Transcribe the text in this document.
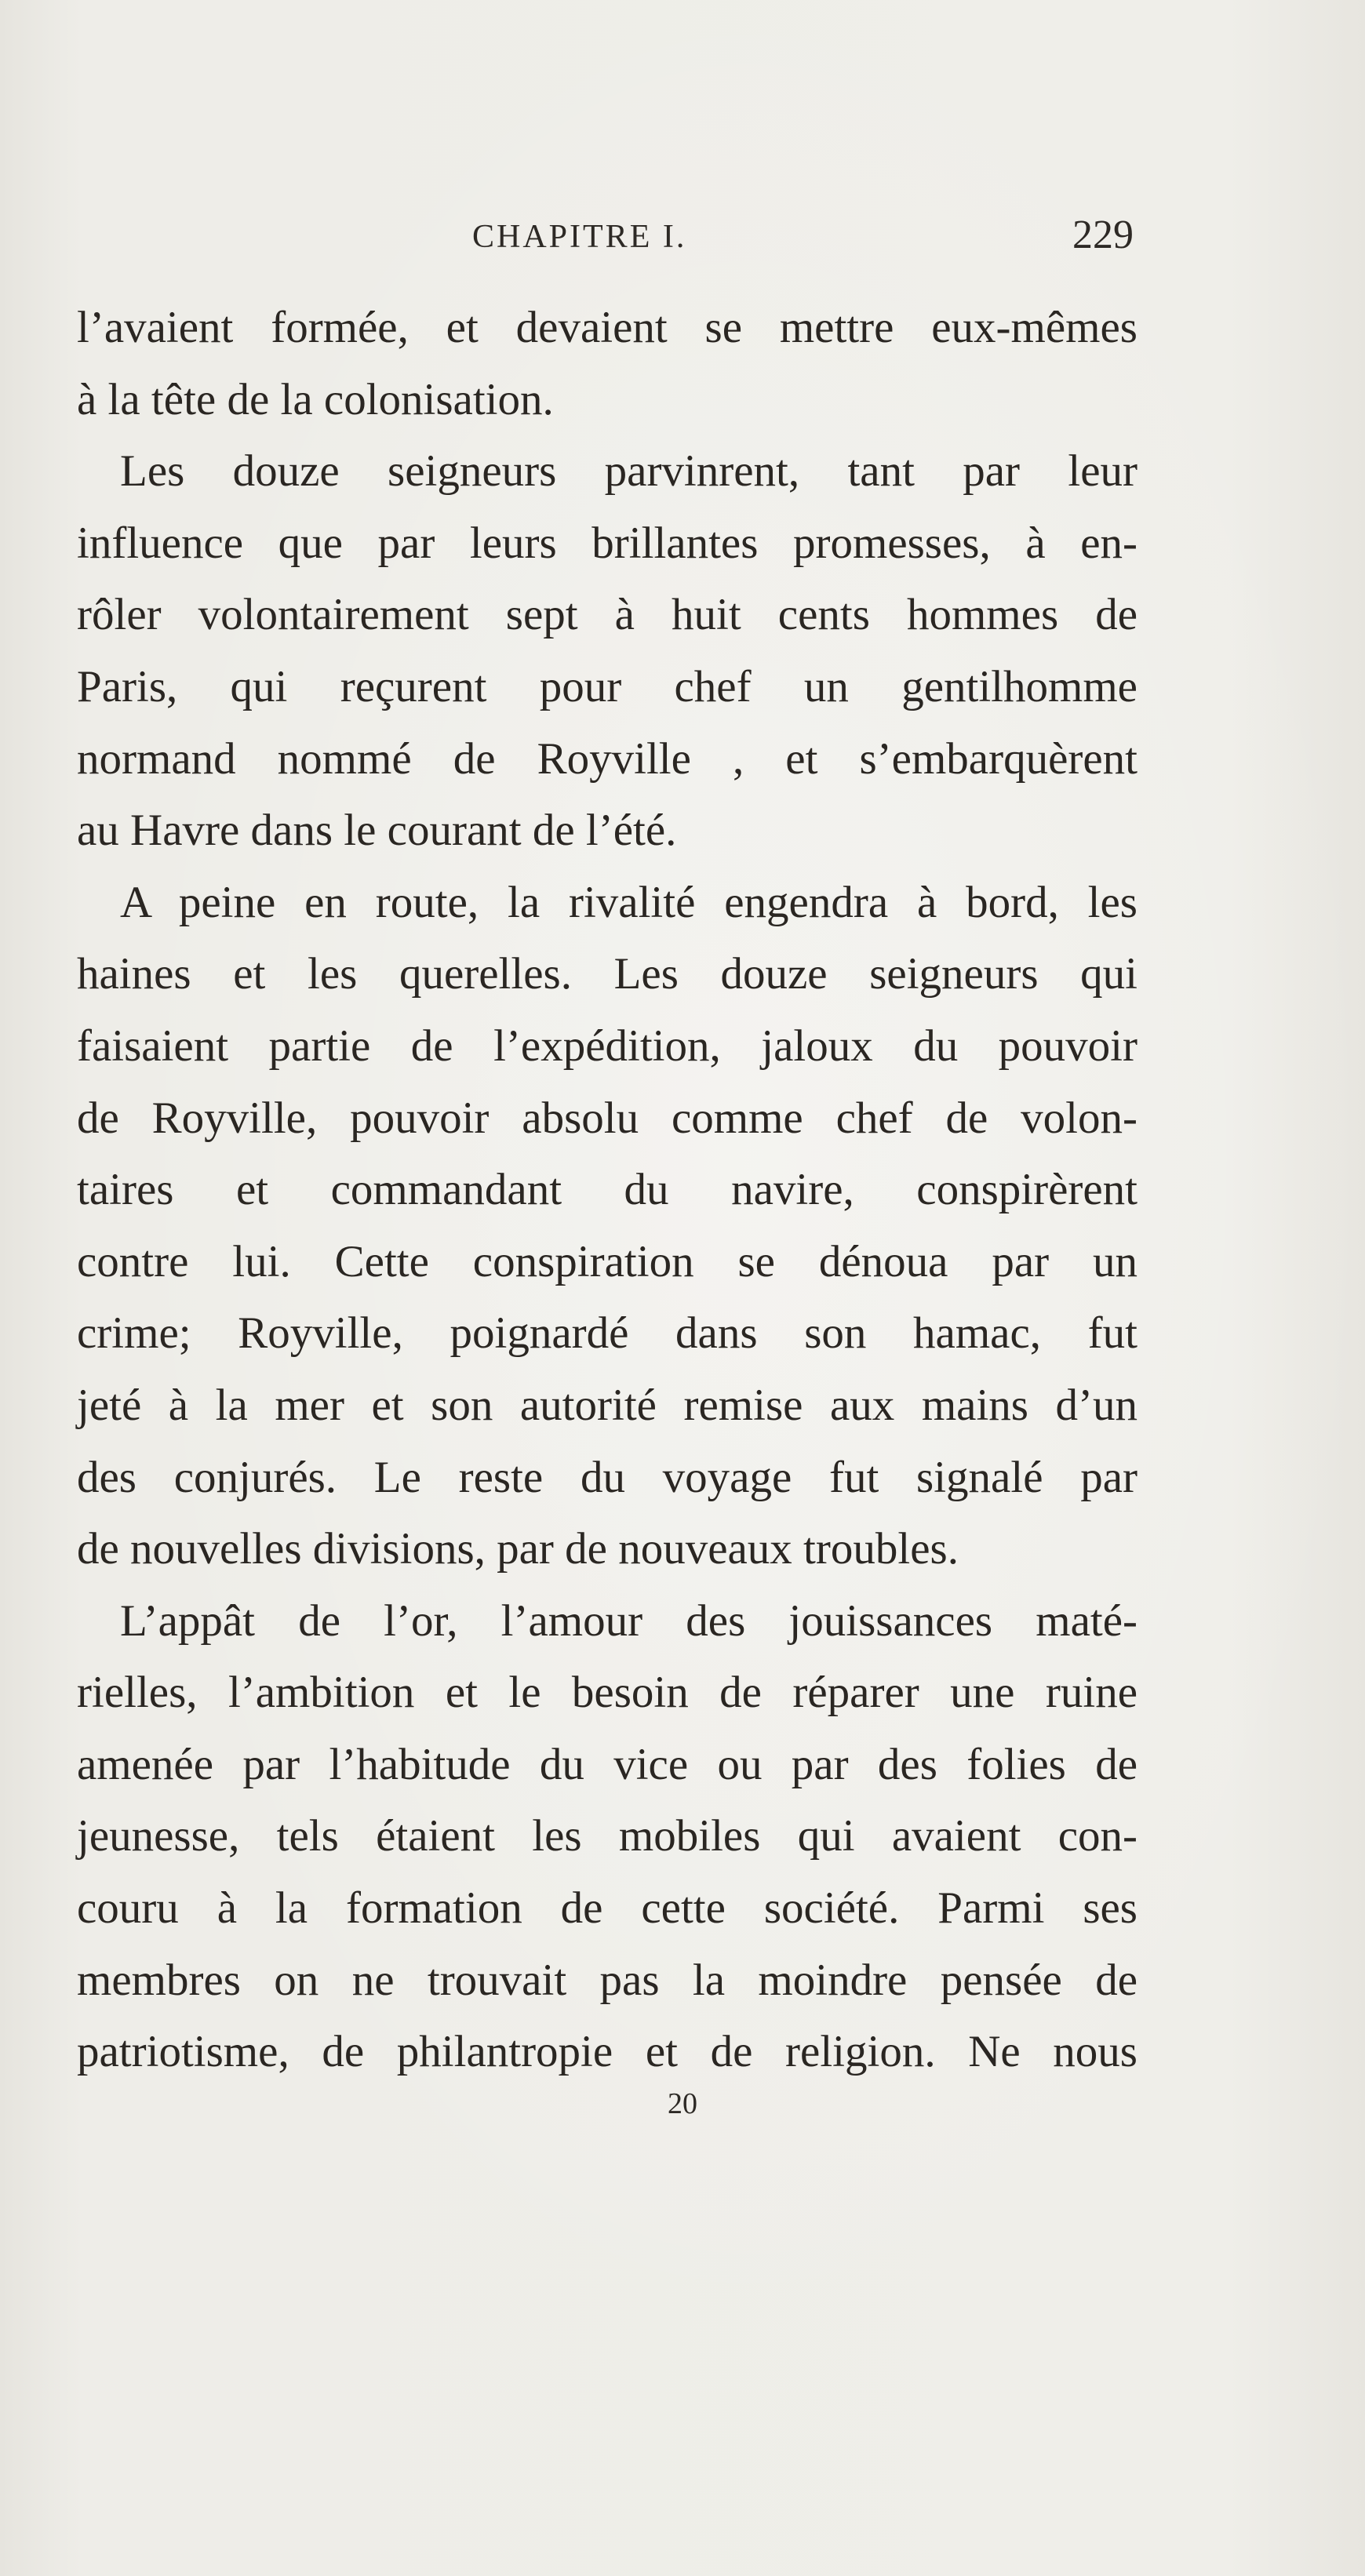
CHAPITRE I.	229
l’avaient formée, et devaient se mettre eux-mêmes
à la tête de la colonisation.
Les douze seigneurs parvinrent, tant par leur
influence que par leurs brillantes promesses, à en-
rôler volontairement sept à huit cents hommes de
Paris, qui reçurent pour chef un gentilhomme
normand nommé de Royville , et s’embarquèrent
au Havre dans le courant de l’été.
A peine en route, la rivalité engendra à bord, les
haines et les querelles. Les douze seigneurs qui
faisaient partie de l’expédition, jaloux du pouvoir
de Royville, pouvoir absolu comme chef de volon-
taires et commandant du navire, conspirèrent
contre lui. Cette conspiration se dénoua par un
crime; Royville, poignardé dans son hamac, fut
jeté à la mer et son autorité remise aux mains d’un
des conjurés. Le reste du voyage fut signalé par
de nouvelles divisions, par de nouveaux troubles.
L’appât de l’or, l’amour des jouissances maté-
rielles, l’ambition et le besoin de réparer une ruine
amenée par l’habitude du vice ou par des folies de
jeunesse, tels étaient les mobiles qui avaient con-
couru à la formation de cette société. Parmi ses
membres on ne trouvait pas la moindre pensée de
patriotisme, de philantropie et de religion. Ne nous
20
